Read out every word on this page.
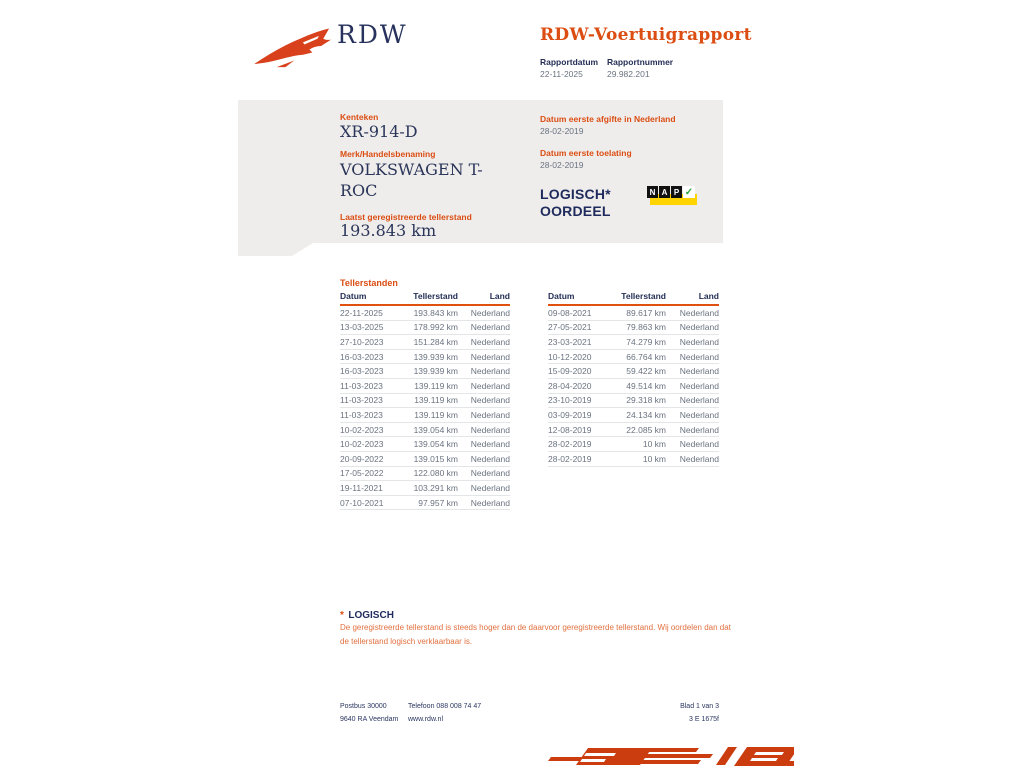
RDW	RDW-Voertuigrapport
Rapportdatum Rapportnummer
22-11-2025	29.982.201
Kenteken
XR-914-D
Merk/Handelsbenaming
VOLKSWAGEN T-ROC
Laatst geregistreerde tellerstand
193.843 km
Datum eerste afgifte in Nederland
28-02-2019
Datum eerste toelating
28-02-2019
LOGISCH*
OORDEEL
N A P ✓
Tellerstanden
Datum	Tellerstand	Land
22-11-2025	193.843 km	Nederland
13-03-2025	178.992 km	Nederland
27-10-2023	151.284 km	Nederland
16-03-2023	139.939 km	Nederland
16-03-2023	139.939 km	Nederland
11-03-2023	139.119 km	Nederland
11-03-2023	139.119 km	Nederland
11-03-2023	139.119 km	Nederland
10-02-2023	139.054 km	Nederland
10-02-2023	139.054 km	Nederland
20-09-2022	139.015 km	Nederland
17-05-2022	122.080 km	Nederland
19-11-2021	103.291 km	Nederland
07-10-2021	97.957 km	Nederland
Datum	Tellerstand	Land
09-08-2021	89.617 km	Nederland
27-05-2021	79.863 km	Nederland
23-03-2021	74.279 km	Nederland
10-12-2020	66.764 km	Nederland
15-09-2020	59.422 km	Nederland
28-04-2020	49.514 km	Nederland
23-10-2019	29.318 km	Nederland
03-09-2019	24.134 km	Nederland
12-08-2019	22.085 km	Nederland
28-02-2019	10 km	Nederland
28-02-2019	10 km	Nederland
* LOGISCH
De geregistreerde tellerstand is steeds hoger dan de daarvoor geregistreerde tellerstand. Wij oordelen dan dat de tellerstand logisch verklaarbaar is.
Postbus 30000
9640 RA Veendam
Telefoon 088 008 74 47
www.rdw.nl
Blad 1 van 3
3 E 1675f
